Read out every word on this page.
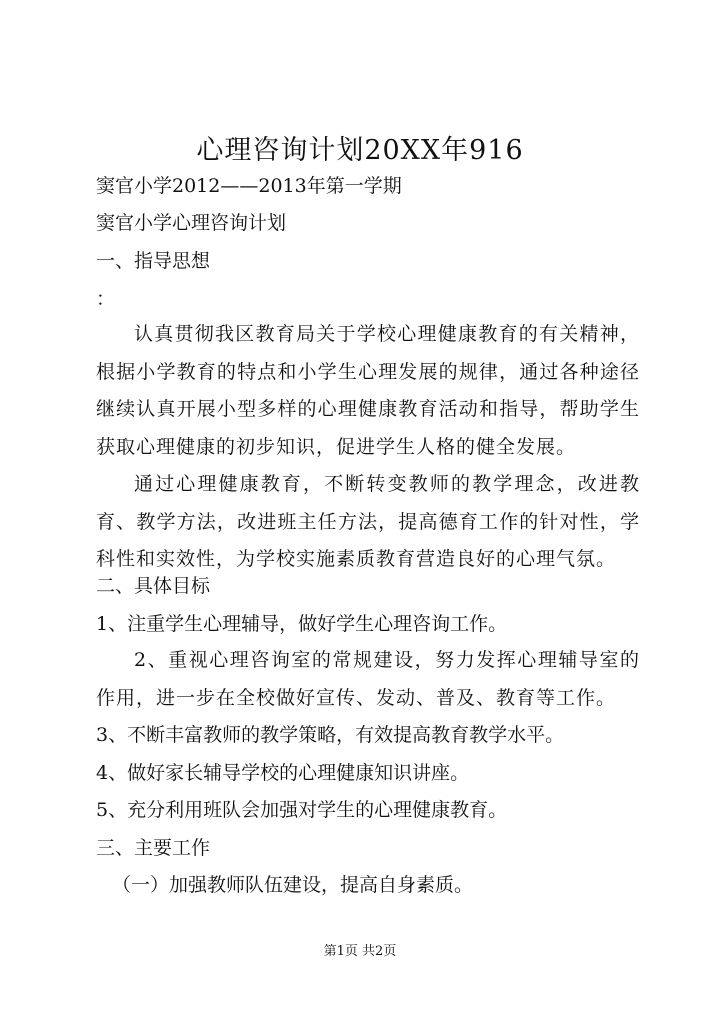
心理咨询计划20XX年916

窦官小学2012——2013年第一学期

窦官小学心理咨询计划

一、指导思想

：

认真贯彻我区教育局关于学校心理健康教育的有关精神，根据小学教育的特点和小学生心理发展的规律，通过各种途径继续认真开展小型多样的心理健康教育活动和指导，帮助学生获取心理健康的初步知识，促进学生人格的健全发展。

通过心理健康教育，不断转变教师的教学理念，改进教育、教学方法，改进班主任方法，提高德育工作的针对性，学科性和实效性，为学校实施素质教育营造良好的心理气氛。

二、具体目标

1、注重学生心理辅导，做好学生心理咨询工作。

2、重视心理咨询室的常规建设，努力发挥心理辅导室的作用，进一步在全校做好宣传、发动、普及、教育等工作。

3、不断丰富教师的教学策略，有效提高教育教学水平。

4、做好家长辅导学校的心理健康知识讲座。

5、充分利用班队会加强对学生的心理健康教育。

三、主要工作

（一）加强教师队伍建设，提高自身素质。

第1页 共2页
